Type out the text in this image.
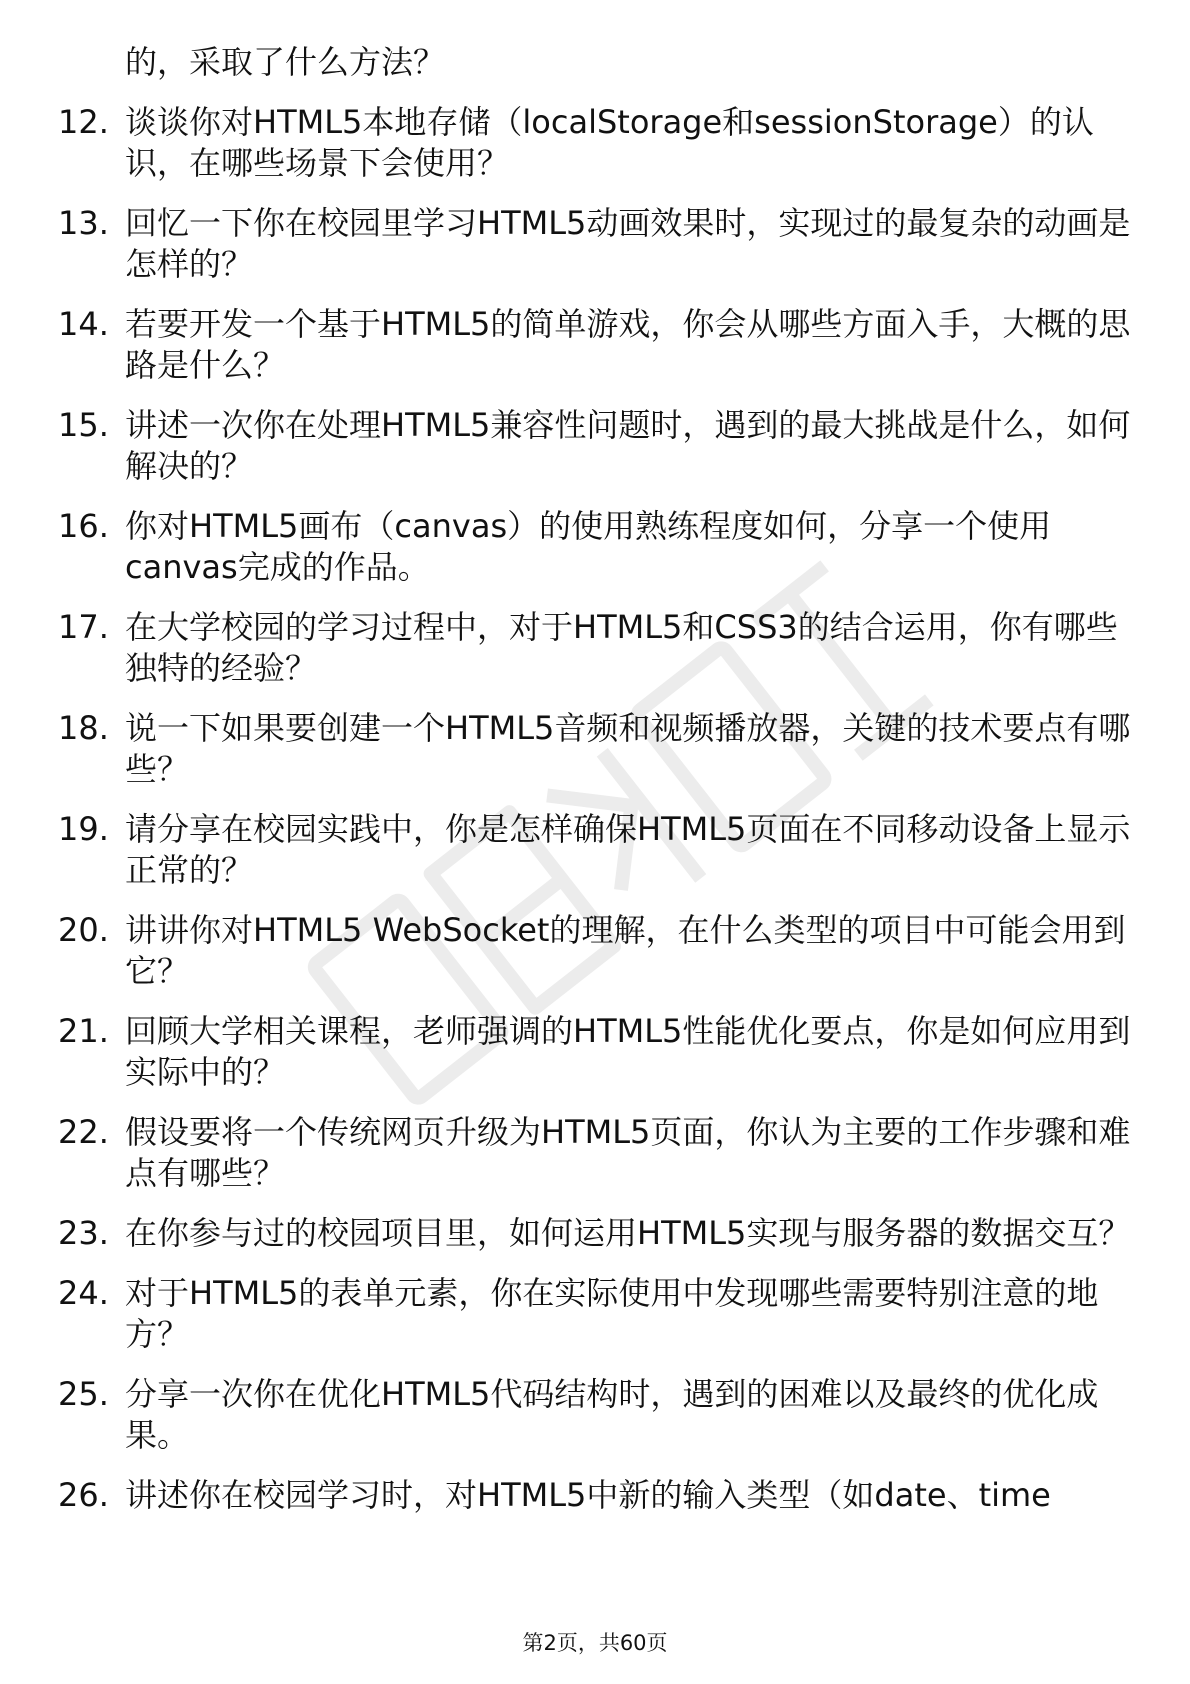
的，采取了什么方法？
12. 谈谈你对HTML5本地存储（localStorage和sessionStorage）的认识，在哪些场景下会使用？
13. 回忆一下你在校园里学习HTML5动画效果时，实现过的最复杂的动画是怎样的？
14. 若要开发一个基于HTML5的简单游戏，你会从哪些方面入手，大概的思路是什么？
15. 讲述一次你在处理HTML5兼容性问题时，遇到的最大挑战是什么，如何解决的？
16. 你对HTML5画布（canvas）的使用熟练程度如何，分享一个使用canvas完成的作品。
17. 在大学校园的学习过程中，对于HTML5和CSS3的结合运用，你有哪些独特的经验？
18. 说一下如果要创建一个HTML5音频和视频播放器，关键的技术要点有哪些？
19. 请分享在校园实践中，你是怎样确保HTML5页面在不同移动设备上显示正常的？
20. 讲讲你对HTML5 WebSocket的理解，在什么类型的项目中可能会用到它？
21. 回顾大学相关课程，老师强调的HTML5性能优化要点，你是如何应用到实际中的？
22. 假设要将一个传统网页升级为HTML5页面，你认为主要的工作步骤和难点有哪些？
23. 在你参与过的校园项目里，如何运用HTML5实现与服务器的数据交互？
24. 对于HTML5的表单元素，你在实际使用中发现哪些需要特别注意的地方？
25. 分享一次你在优化HTML5代码结构时，遇到的困难以及最终的优化成果。
26. 讲述你在校园学习时，对HTML5中新的输入类型（如date、time
第2页，共60页
